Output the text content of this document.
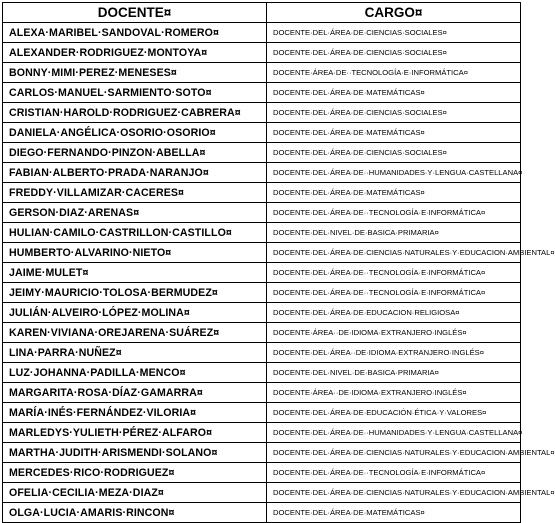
DOCENTE¤	CARGO¤
ALEXA·MARIBEL·SANDOVAL·ROMERO¤	DOCENTE·DEL·ÁREA·DE·CIENCIAS·SOCIALES¤
ALEXANDER·RODRIGUEZ·MONTOYA¤	DOCENTE·DEL·ÁREA·DE·CIENCIAS·SOCIALES¤
BONNY·MIMI·PEREZ·MENESES¤	DOCENTE·ÁREA·DE··TECNOLOGÍA·E·INFORMÁTICA¤
CARLOS·MANUEL·SARMIENTO·SOTO¤	DOCENTE·DEL·ÁREA·DE·MATEMÁTICAS¤
CRISTIAN·HAROLD·RODRIGUEZ·CABRERA¤	DOCENTE·DEL·ÁREA·DE·CIENCIAS·SOCIALES¤
DANIELA·ANGÉLICA·OSORIO·OSORIO¤	DOCENTE·DEL·ÁREA·DE·MATEMÁTICAS¤
DIEGO·FERNANDO·PINZON·ABELLA¤	DOCENTE·DEL·ÁREA·DE·CIENCIAS·SOCIALES¤
FABIAN·ALBERTO·PRADA·NARANJO¤	DOCENTE·DEL·ÁREA·DE··HUMANIDADES·Y·LENGUA·CASTELLANA¤
FREDDY·VILLAMIZAR·CACERES¤	DOCENTE·DEL·ÁREA·DE·MATEMÁTICAS¤
GERSON·DIAZ·ARENAS¤	DOCENTE·DEL·ÁREA·DE··TECNOLOGÍA·E·INFORMÁTICA¤
HULIAN·CAMILO·CASTRILLON·CASTILLO¤	DOCENTE·DEL·NIVEL·DE·BASICA·PRIMARIA¤
HUMBERTO·ALVARINO·NIETO¤	DOCENTE·DEL·ÁREA·DE·CIENCIAS·NATURALES·Y·EDUCACION·AMBIENTAL¤
JAIME·MULET¤	DOCENTE·DEL·ÁREA·DE··TECNOLOGÍA·E·INFORMÁTICA¤
JEIMY·MAURICIO·TOLOSA·BERMUDEZ¤	DOCENTE·DEL·ÁREA·DE··TECNOLOGÍA·E·INFORMÁTICA¤
JULIÁN·ALVEIRO·LÓPEZ·MOLINA¤	DOCENTE·DEL·ÁREA·DE·EDUCACION·RELIGIOSA¤
KAREN·VIVIANA·OREJARENA·SUÁREZ¤	DOCENTE·ÁREA··DE·IDIOMA·EXTRANJERO·INGLÉS¤
LINA·PARRA·NUÑEZ¤	DOCENTE·DEL·ÁREA··DE·IDIOMA·EXTRANJERO·INGLÉS¤
LUZ·JOHANNA·PADILLA·MENCO¤	DOCENTE·DEL·NIVEL·DE·BASICA·PRIMARIA¤
MARGARITA·ROSA·DÍAZ·GAMARRA¤	DOCENTE·ÁREA··DE·IDIOMA·EXTRANJERO·INGLÉS¤
MARÍA·INÉS·FERNÁNDEZ·VILORIA¤	DOCENTE·DEL·ÁREA·DE·EDUCACIÓN·ÉTICA·Y·VALORES¤
MARLEDYS·YULIETH·PÉREZ·ALFARO¤	DOCENTE·DEL·ÁREA·DE··HUMANIDADES·Y·LENGUA·CASTELLANA¤
MARTHA·JUDITH·ARISMENDI·SOLANO¤	DOCENTE·DEL·ÁREA·DE·CIENCIAS·NATURALES·Y·EDUCACION·AMBIENTAL¤
MERCEDES·RICO·RODRIGUEZ¤	DOCENTE·DEL·ÁREA·DE··TECNOLOGÍA·E·INFORMÁTICA¤
OFELIA·CECILIA·MEZA·DIAZ¤	DOCENTE·DEL·ÁREA·DE·CIENCIAS·NATURALES·Y·EDUCACION·AMBIENTAL¤
OLGA·LUCIA·AMARIS·RINCON¤	DOCENTE·DEL·ÁREA·DE·MATEMÁTICAS¤
